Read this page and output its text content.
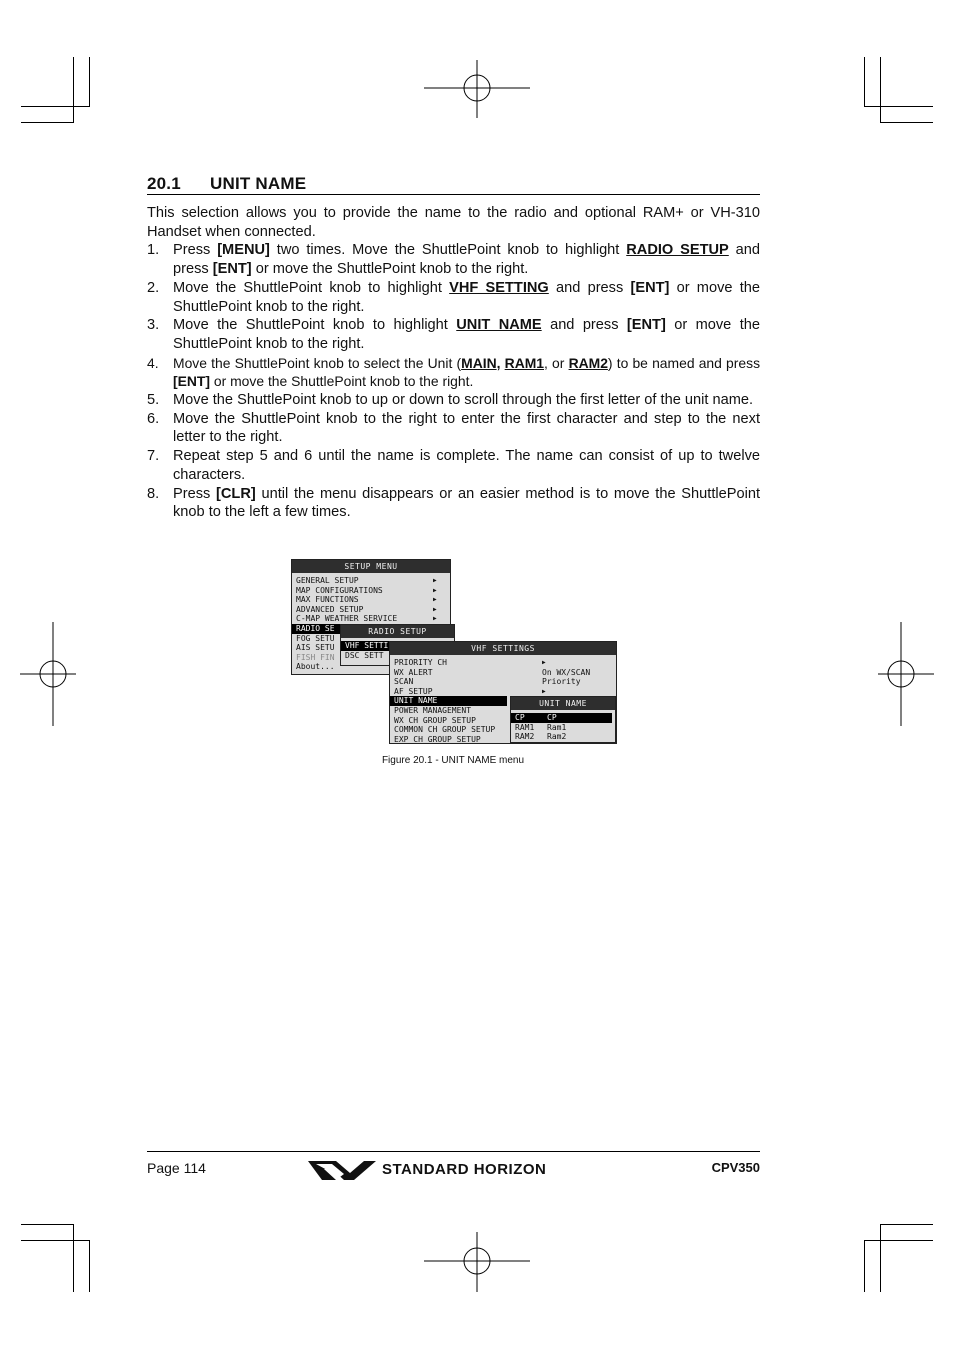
20.1 UNIT NAME

This selection allows you to provide the name to the radio and optional RAM+ or VH-310 Handset when connected.

1. Press [MENU] two times. Move the ShuttlePoint knob to highlight RADIO SETUP and press [ENT] or move the ShuttlePoint knob to the right.
2. Move the ShuttlePoint knob to highlight VHF SETTING and press [ENT] or move the ShuttlePoint knob to the right.
3. Move the ShuttlePoint knob to highlight UNIT NAME and press [ENT] or move the ShuttlePoint knob to the right.
4. Move the ShuttlePoint knob to select the Unit (MAIN, RAM1, or RAM2) to be named and press [ENT] or move the ShuttlePoint knob to the right.
5. Move the ShuttlePoint knob to up or down to scroll through the first letter of the unit name.
6. Move the ShuttlePoint knob to the right to enter the first character and step to the next letter to the right.
7. Repeat step 5 and 6 until the name is complete. The name can consist of up to twelve characters.
8. Press [CLR] until the menu disappears or an easier method is to move the ShuttlePoint knob to the left a few times.
SETUP MENU
GENERAL SETUP	▶
MAP CONFIGURATIONS	▶
MAX FUNCTIONS	▶
ADVANCED SETUP	▶
C-MAP WEATHER SERVICE	▶
RADIO SE
FOG SETU
AIS SETU
FISH FIN
About...
RADIO SETUP
VHF SETTI
DSC SETT
VHF SETTINGS
PRIORITY CH	▶
WX ALERT	On WX/SCAN
SCAN	Priority
AF SETUP	▶
UNIT NAME
POWER MANAGEMENT
WX CH GROUP SETUP
COMMON CH GROUP SETUP
EXP CH GROUP SETUP
UNIT NAME
CP	CP
RAM1 Ram1
RAM2 Ram2
Figure 20.1 - UNIT NAME menu
Page 114	STANDARD HORIZON	CPV350
